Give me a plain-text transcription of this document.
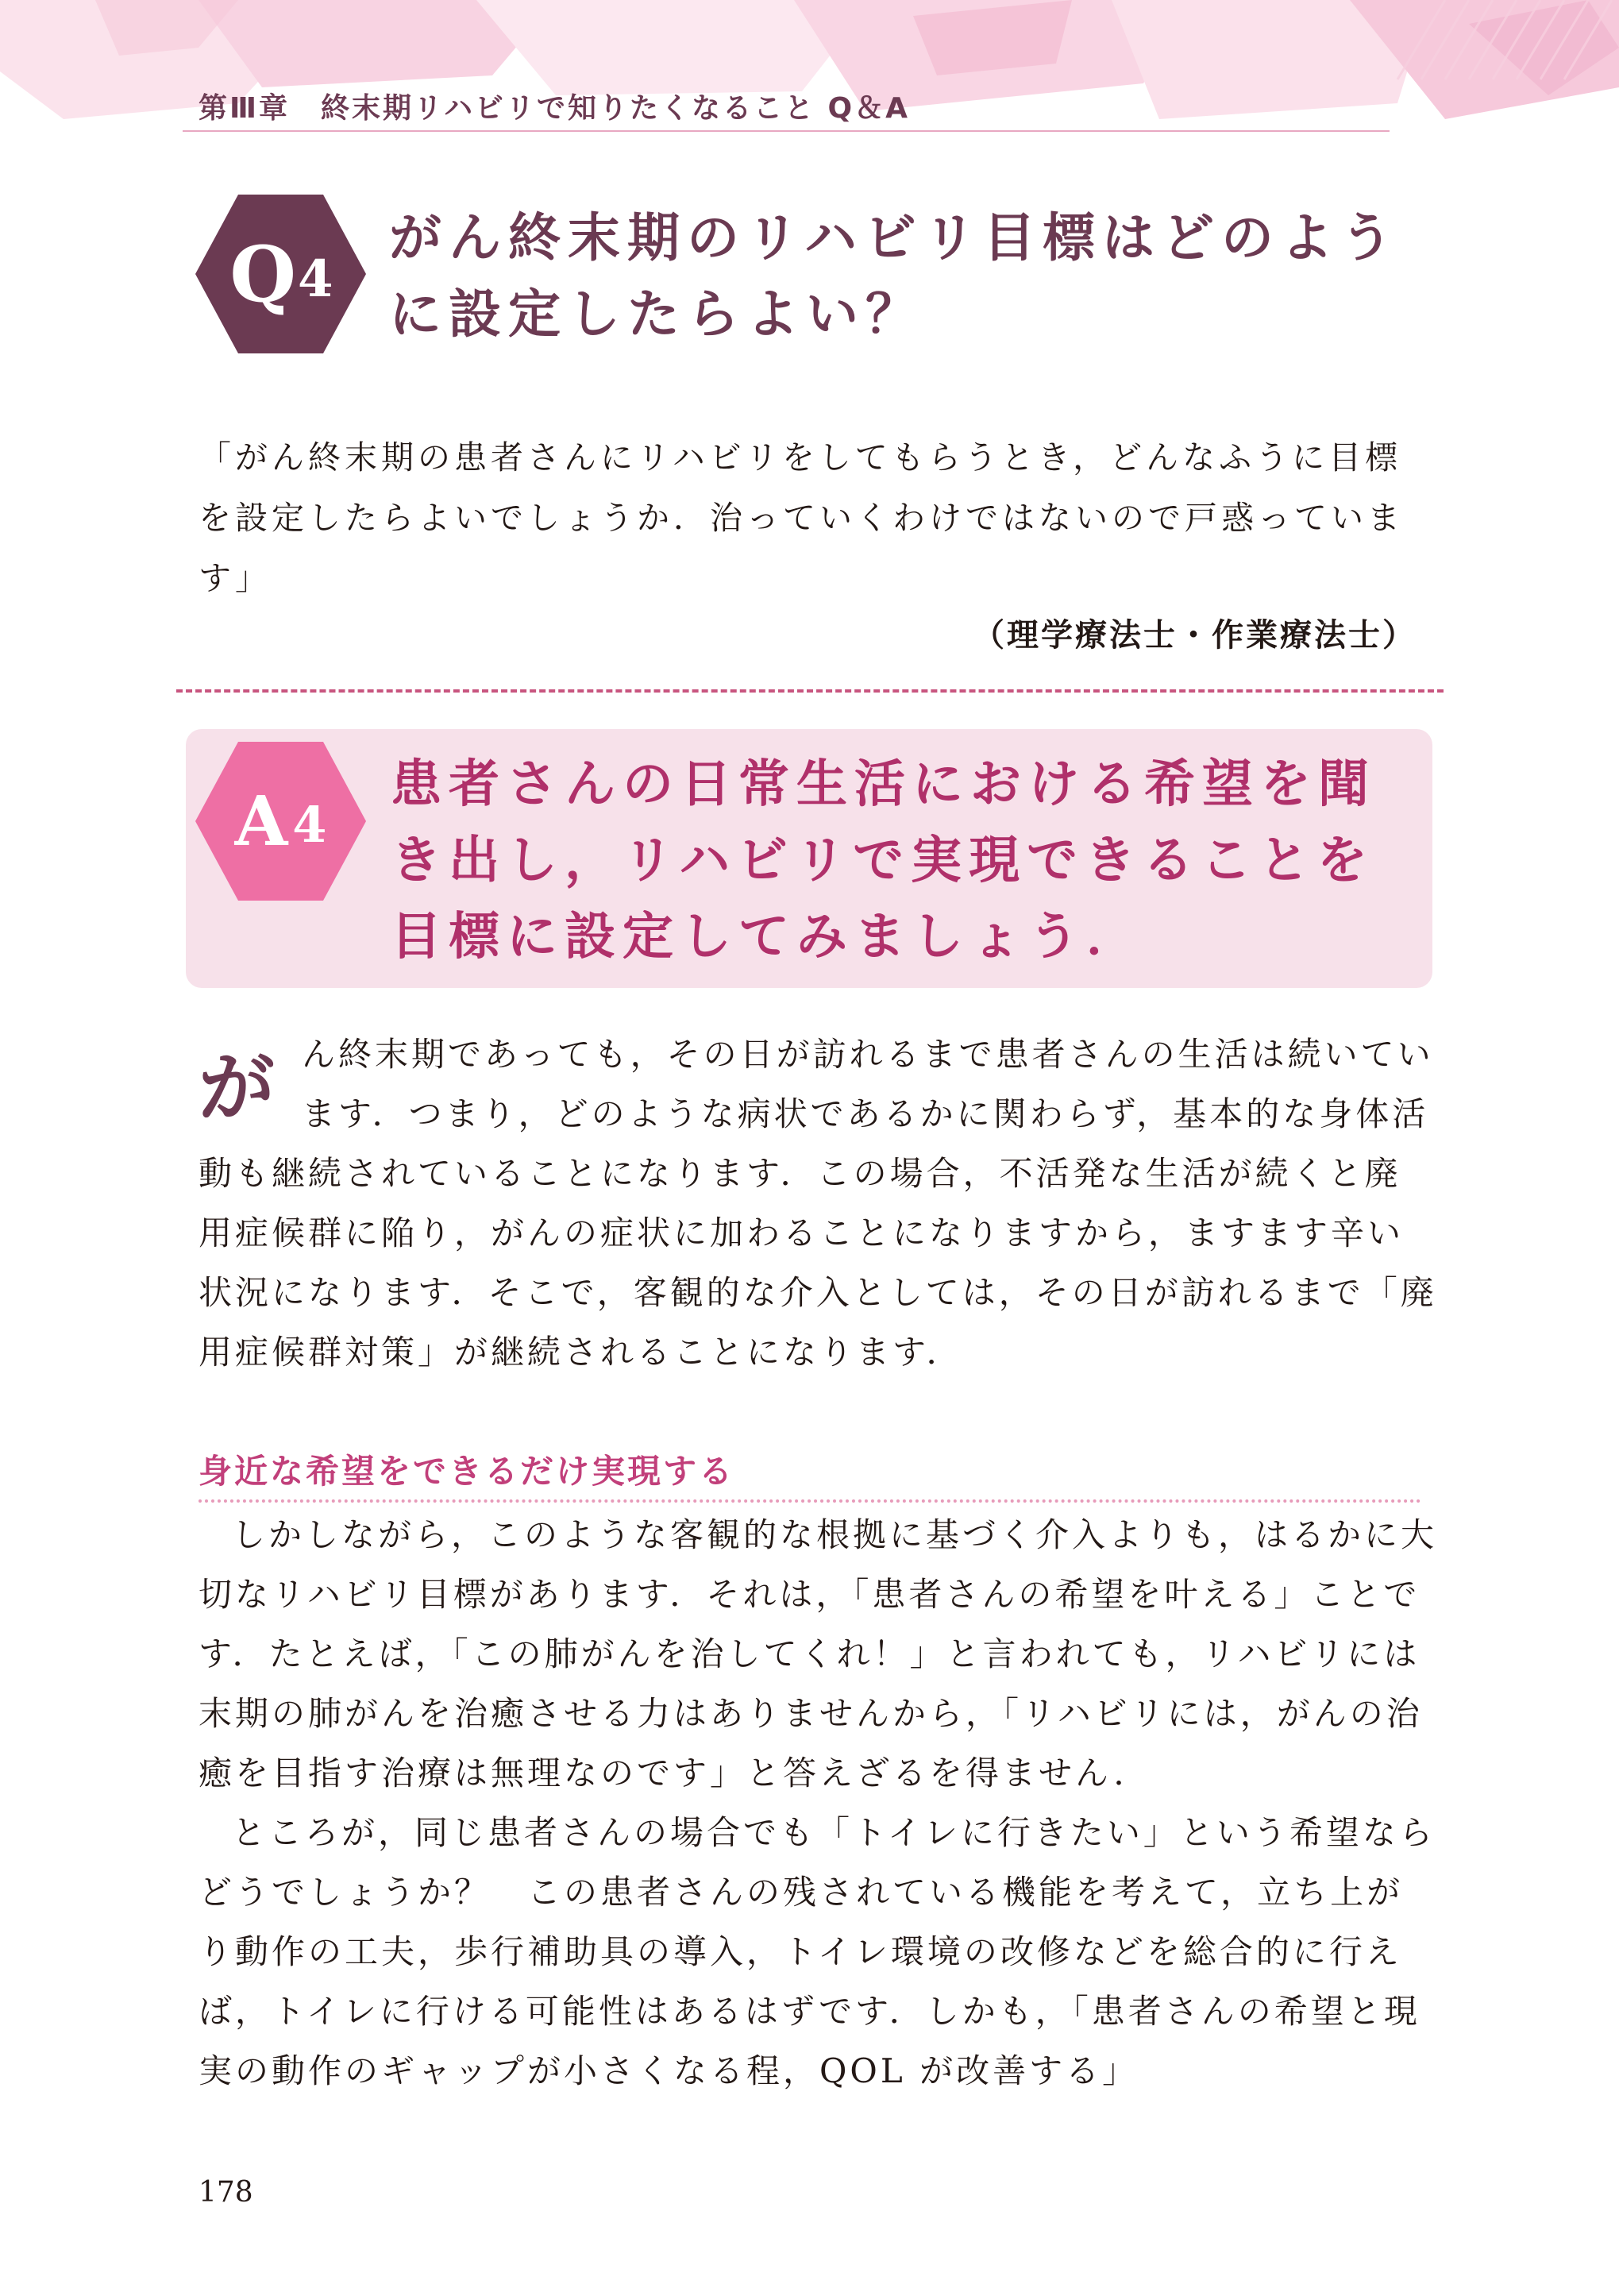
第Ⅲ章　終末期リハビリで知りたくなること Q＆A
Q 4
がん終末期のリハビリ目標はどのように設定したらよい？

「がん終末期の患者さんにリハビリをしてもらうとき，どんなふうに目標を設定したらよいでしょうか．治っていくわけではないので戸惑っています」

（理学療法士・作業療法士）
A 4
患者さんの日常生活における希望を聞き出し，リハビリで実現できることを目標に設定してみましょう．
が ん終末期であっても，その日が訪れるまで患者さんの生活は続いています．つまり，どのような病状であるかに関わらず，基本的な身体活動も継続されていることになります．この場合，不活発な生活が続くと廃用症候群に陥り，がんの症状に加わることになりますから，ますます辛い状況になります．そこで，客観的な介入としては，その日が訪れるまで「廃用症候群対策」が継続されることになります．

身近な希望をできるだけ実現する

しかしながら，このような客観的な根拠に基づく介入よりも，はるかに大切なリハビリ目標があります．それは，「患者さんの希望を叶える」ことです．たとえば，「この肺がんを治してくれ！」と言われても，リハビリには末期の肺がんを治癒させる力はありませんから，「リハビリには，がんの治癒を目指す治療は無理なのです」と答えざるを得ません．

ところが，同じ患者さんの場合でも「トイレに行きたい」という希望ならどうでしょうか？　この患者さんの残されている機能を考えて，立ち上がり動作の工夫，歩行補助具の導入，トイレ環境の改修などを総合的に行えば，トイレに行ける可能性はあるはずです．しかも，「患者さんの希望と現実の動作のギャップが小さくなる程，QOL が改善する」

178
